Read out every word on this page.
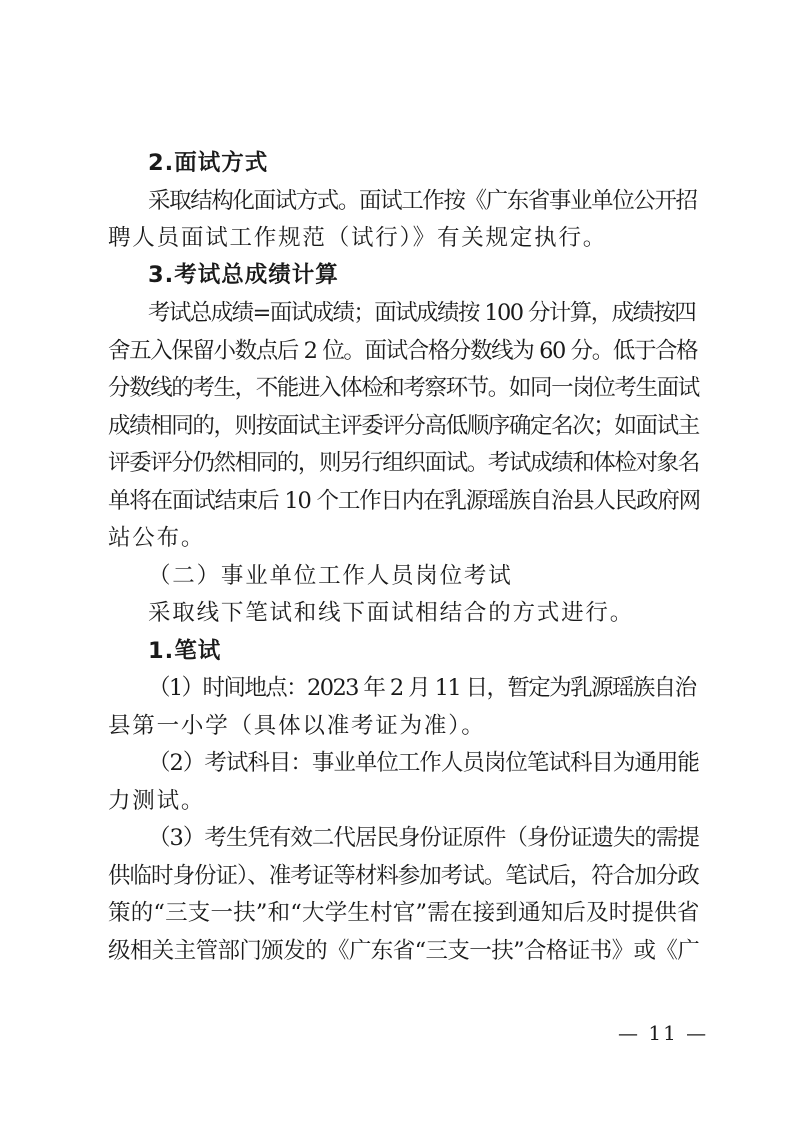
2.面试方式
采取结构化面试方式。面试工作按《广东省事业单位公开招
聘人员面试工作规范（试行）》有关规定执行。
3.考试总成绩计算
考试总成绩=面试成绩；面试成绩按 100 分计算，成绩按四
舍五入保留小数点后 2 位。面试合格分数线为 60 分。低于合格
分数线的考生，不能进入体检和考察环节。如同一岗位考生面试
成绩相同的，则按面试主评委评分高低顺序确定名次；如面试主
评委评分仍然相同的，则另行组织面试。考试成绩和体检对象名
单将在面试结束后 10 个工作日内在乳源瑶族自治县人民政府网
站公布。
（二）事业单位工作人员岗位考试
采取线下笔试和线下面试相结合的方式进行。
1.笔试
（1）时间地点：2023 年 2 月 11 日，暂定为乳源瑶族自治
县第一小学（具体以准考证为准）。
（2）考试科目：事业单位工作人员岗位笔试科目为通用能
力测试。
（3）考生凭有效二代居民身份证原件（身份证遗失的需提
供临时身份证）、准考证等材料参加考试。笔试后，符合加分政
策的“三支一扶”和“大学生村官”需在接到通知后及时提供省
级相关主管部门颁发的《广东省“三支一扶”合格证书》或《广
— 11 —
